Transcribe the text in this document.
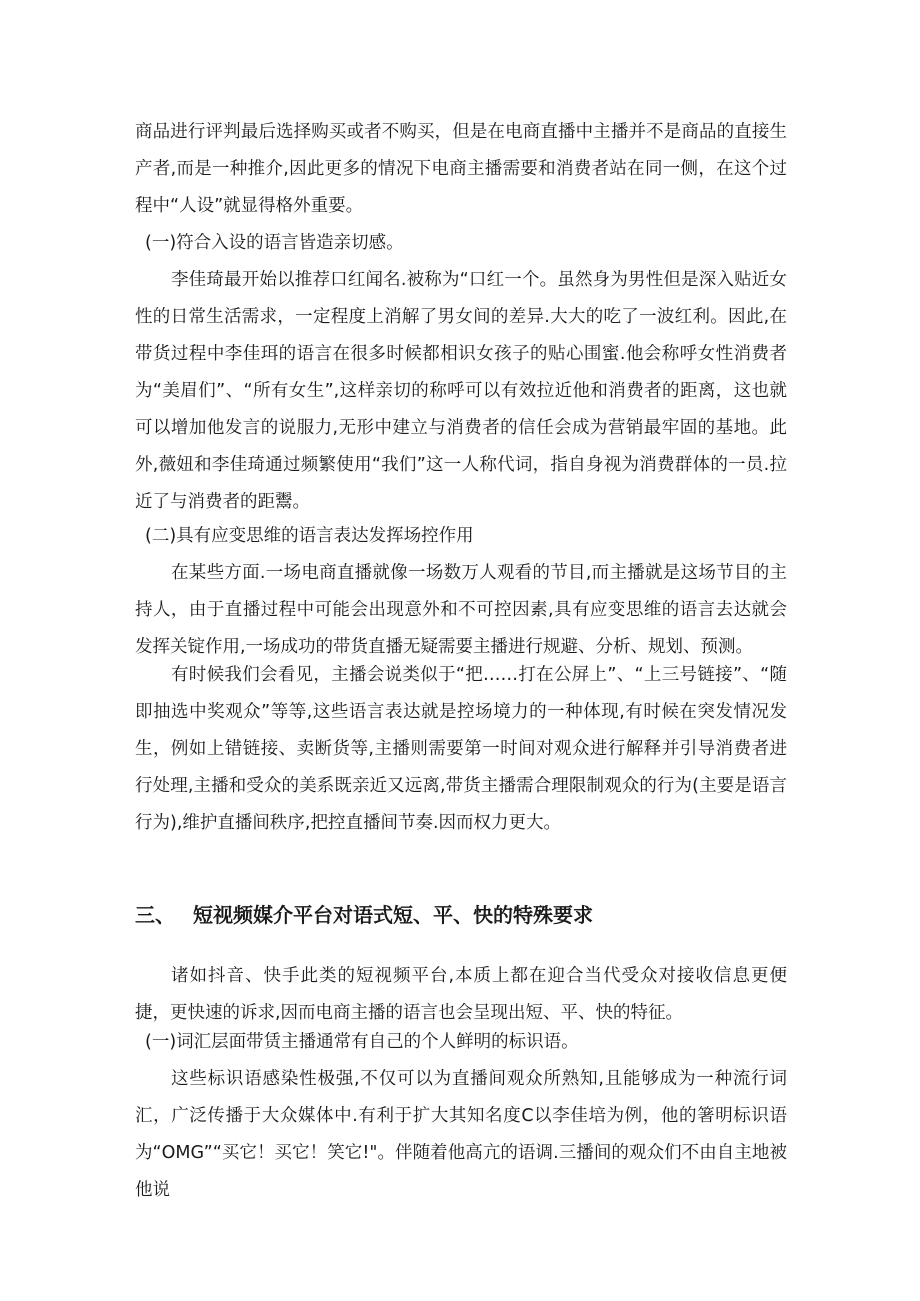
商品进行评判最后选择购买或者不购买，但是在电商直播中主播并不是商品的直接生产者,而是一种推介,因此更多的情况下电商主播需要和消费者站在同一侧，在这个过程中“人设”就显得格外重要。

(一)符合入设的语言皆造亲切感。

李佳琦最开始以推荐口红闻名.被称为“口红一个。虽然身为男性但是深入贴近女性的日常生活需求，一定程度上消解了男女间的差异.大大的吃了一波红利。因此,在带货过程中李佳珥的语言在很多时候都相识女孩子的贴心围蜜.他会称呼女性消费者为“美眉们”、“所有女生”,这样亲切的称呼可以有效拉近他和消费者的距离，这也就可以增加他发言的说服力,无形中建立与消费者的信任会成为营销最牢固的基地。此外,薇妞和李佳琦通过频繁使用“我们”这一人称代词，指自身视为消费群体的一员.拉近了与消费者的距鬻。

(二)具有应变思维的语言表达发挥场控作用

在某些方面.一场电商直播就像一场数万人观看的节目,而主播就是这场节目的主持人，由于直播过程中可能会出现意外和不可控因素,具有应变思维的语言去达就会发挥关锭作用,一场成功的带货直播无疑需要主播进行规避、分析、规划、预测。

有时候我们会看见，主播会说类似于“把……打在公屏上”、“上三号链接”、“随即抽选中奖观众”等等,这些语言表达就是控场境力的一种体现,有时候在突发情况发生，例如上错链接、卖断货等,主播则需要第一时间对观众进行解释并引导消费者进行处理,主播和受众的美系既亲近又远离,带货主播需合理限制观众的行为(主要是语言行为),维护直播间秩序,把控直播间节奏.因而权力更大。

三、 短视频媒介平台对语式短、平、快的特殊要求

诸如抖音、快手此类的短视频平台,本质上都在迎合当代受众对接收信息更便捷，更快速的诉求,因而电商主播的语言也会呈现出短、平、快的特征。

(一)词汇层面带赁主播通常有自己的个人鲜明的标识语。

这些标识语感染性极强,不仅可以为直播间观众所熟知,且能够成为一种流行词汇，广泛传播于大众媒体中.有利于扩大其知名度C以李佳培为例，他的箸明标识语为“OMG”“买它！买它！笑它!"。伴随着他高亢的语调.三播间的观众们不由自主地被他说
